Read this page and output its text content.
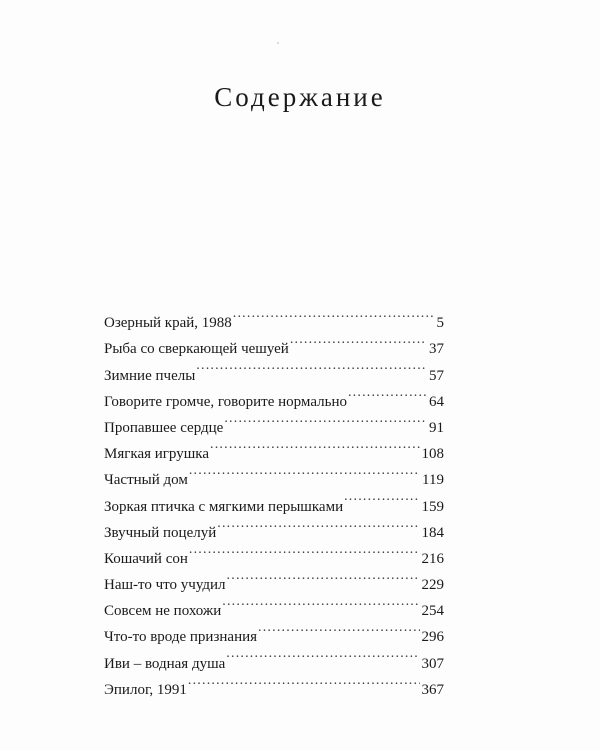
Содержание
Озерный край, 1988 .....	5
Рыба со сверкающей чешуей .....	37
Зимние пчелы .....	57
Говорите громче, говорите нормально .....	64
Пропавшее сердце .....	91
Мягкая игрушка .....	108
Частный дом .....	119
Зоркая птичка с мягкими перышками .....	159
Звучный поцелуй .....	184
Кошачий сон .....	216
Наш-то что учудил .....	229
Совсем не похожи .....	254
Что-то вроде признания .....	296
Иви – водная душа .....	307
Эпилог, 1991 .....	367
